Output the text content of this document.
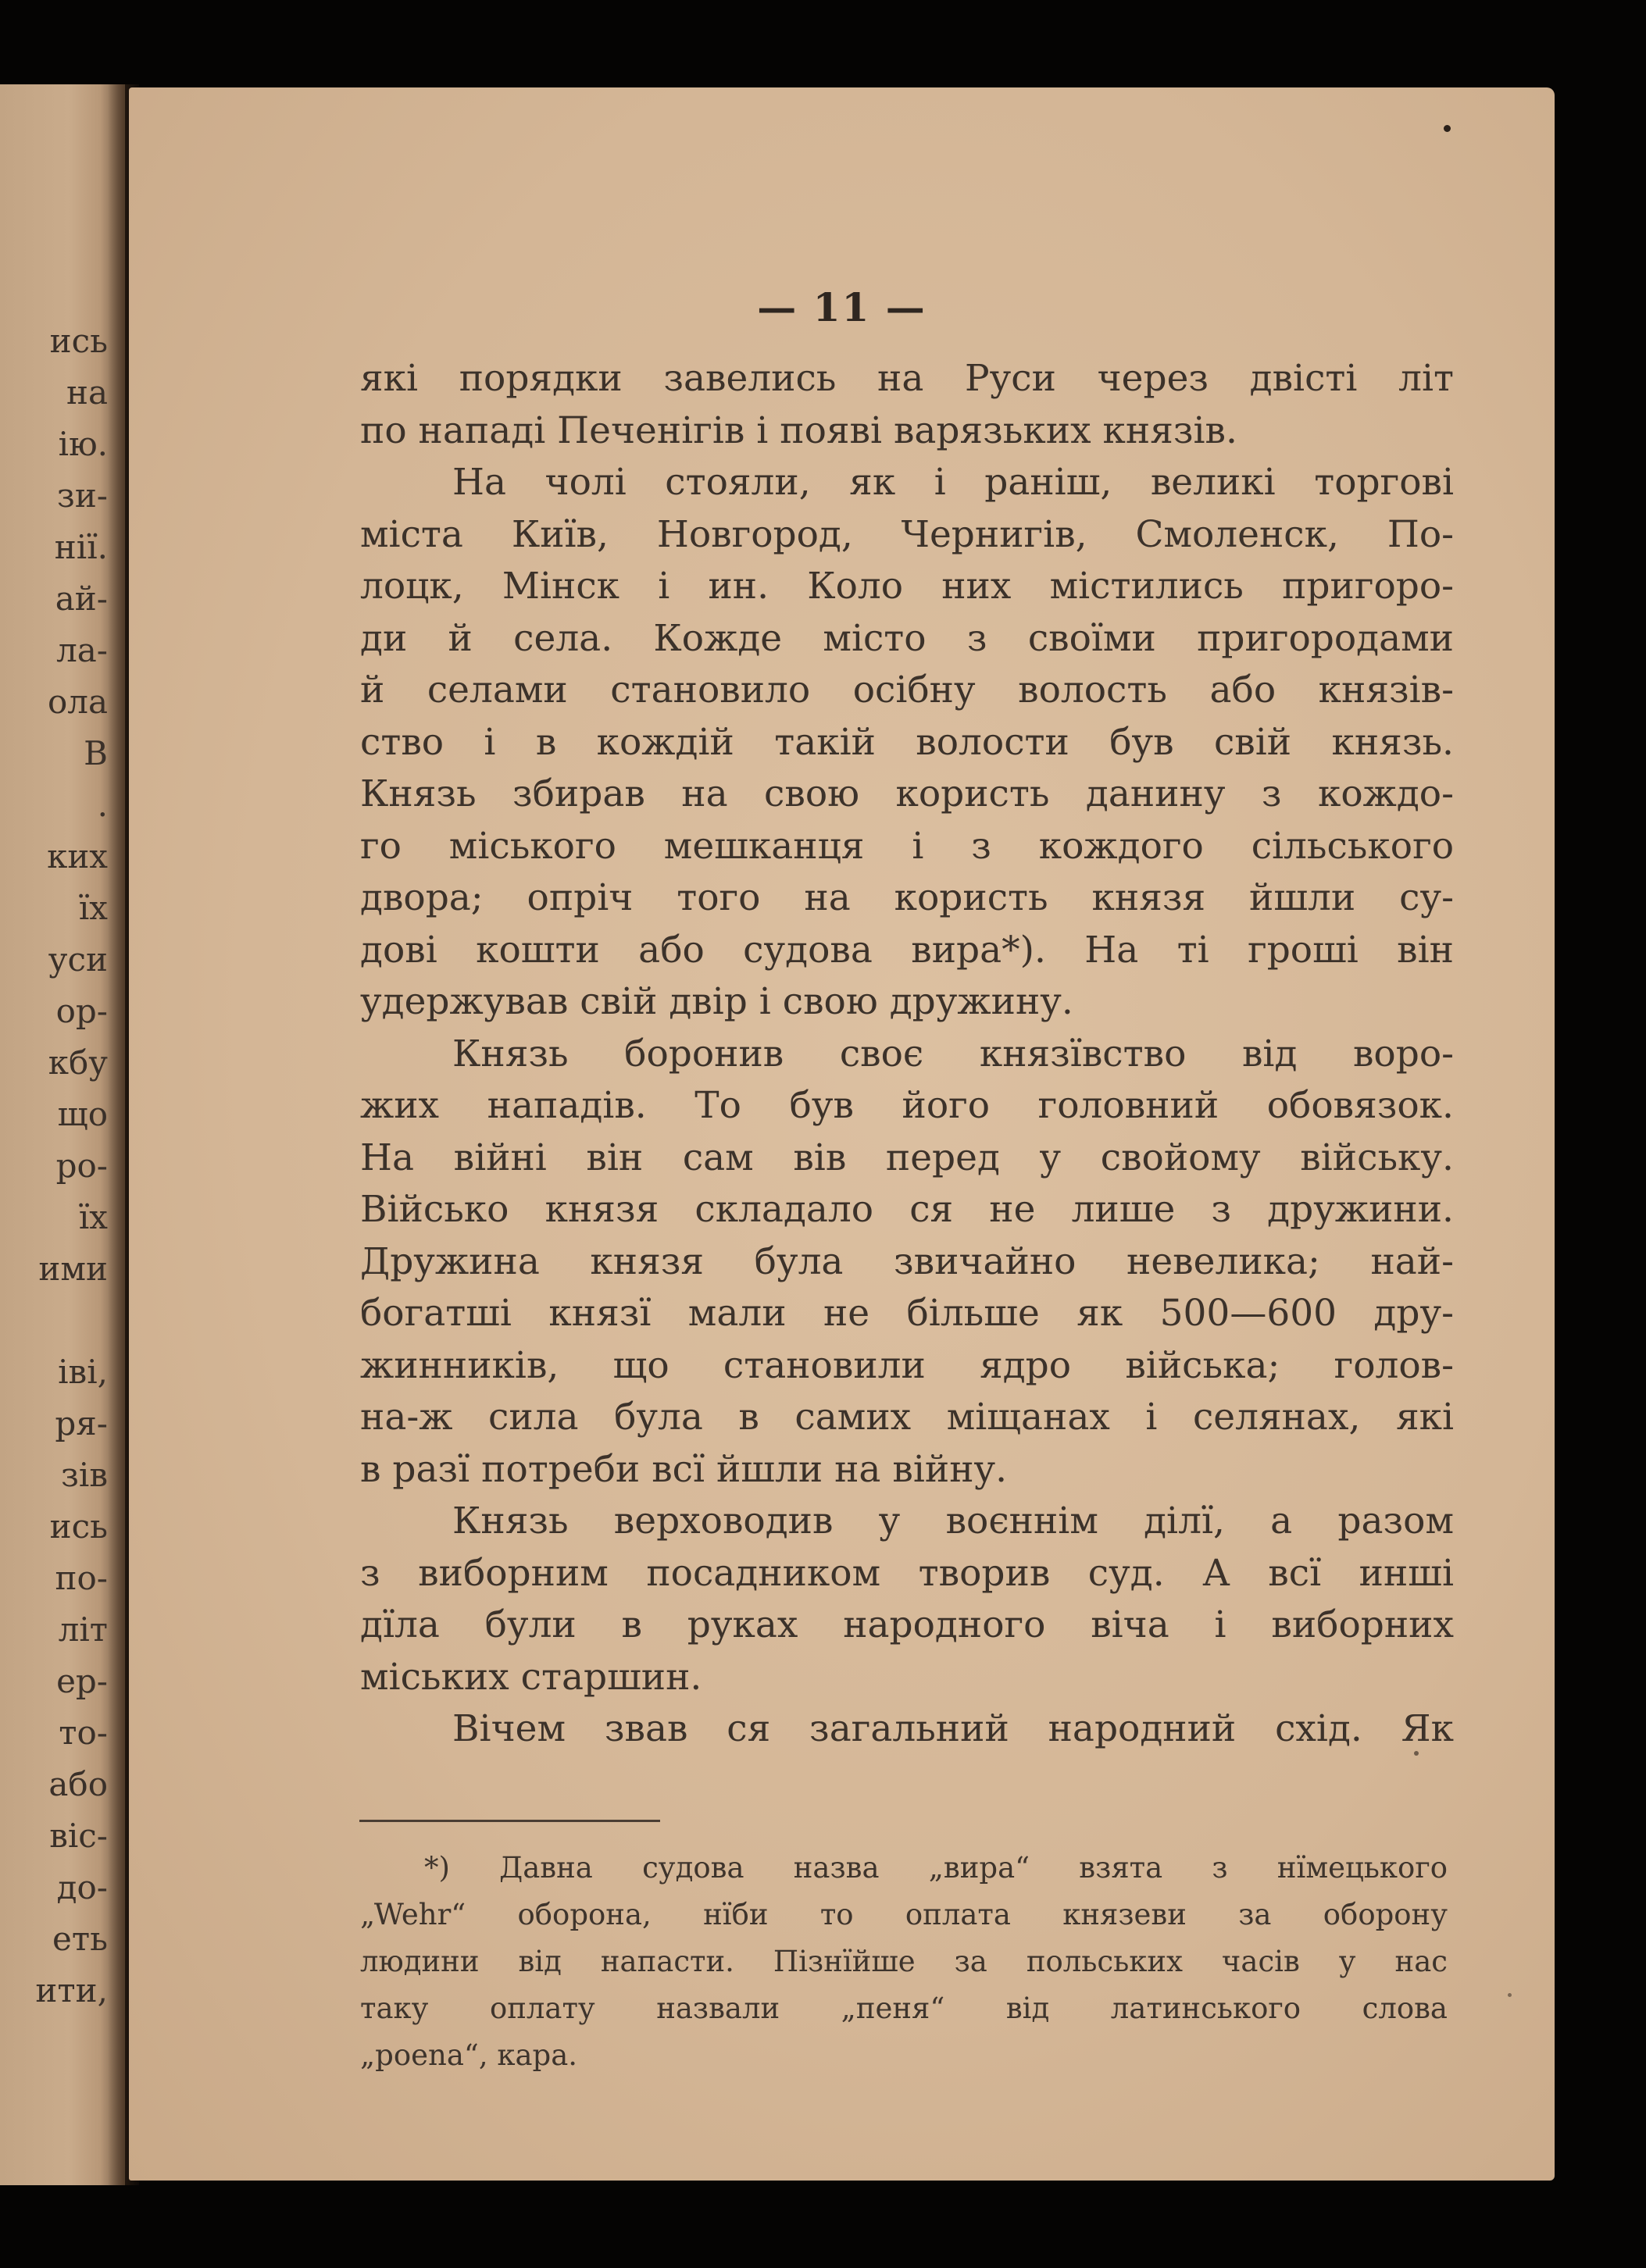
ись
на
ію.
зи-
нії.
ай-
ла-
ола
В
.
ких
їх
уси
ор-
кбу
що
ро-
їх
ими
іві,
ря-
зів
ись
по-
літ
ер-
то-
або
віс-
до-
еть
ити,
— 11 —
які порядки завелись на Руси через двісті літ
по нападі Печенігів і появі варязьких князів.
На чолі стояли, як і раніш, великі торгові
міста Київ, Новгород, Чернигів, Смоленск, По-
лоцк, Мінск і ин. Коло них містились пригоро-
ди й села. Кожде місто з своїми пригородами
й селами становило осібну волость або князів-
ство і в кождій такій волости був свій князь.
Князь збирав на свою користь данину з кождо-
го міського мешканця і з кождого сільського
двора; опріч того на користь князя йшли су-
дові кошти або судова вира*). На ті гроші він
удержував свій двір і свою дружину.
Князь боронив своє князївство від воро-
жих нападів. То був його головний обовязок.
На війні він сам вів перед у свойому війську.
Військо князя складало ся не лише з дружини.
Дружина князя була звичайно невелика; най-
богатші князї мали не більше як 500—600 дру-
жинників, що становили ядро війська; голов-
на-ж сила була в самих міщанах і селянах, які
в разї потреби всї йшли на війну.
Князь верховодив у воєннім ділї, а разом
з виборним посадником творив суд. А всї инші
дїла були в руках народного віча і виборних
міських старшин.
Вічем звав ся загальний народний схід. Як
*) Давна судова назва „вира“ взята з нїмецького
„Wehr“ оборона, нїби то оплата князеви за оборону
людини від напасти. Пізнїйше за польських часів у нас
таку оплату назвали „пеня“ від латинського слова
„poena“, кара.
